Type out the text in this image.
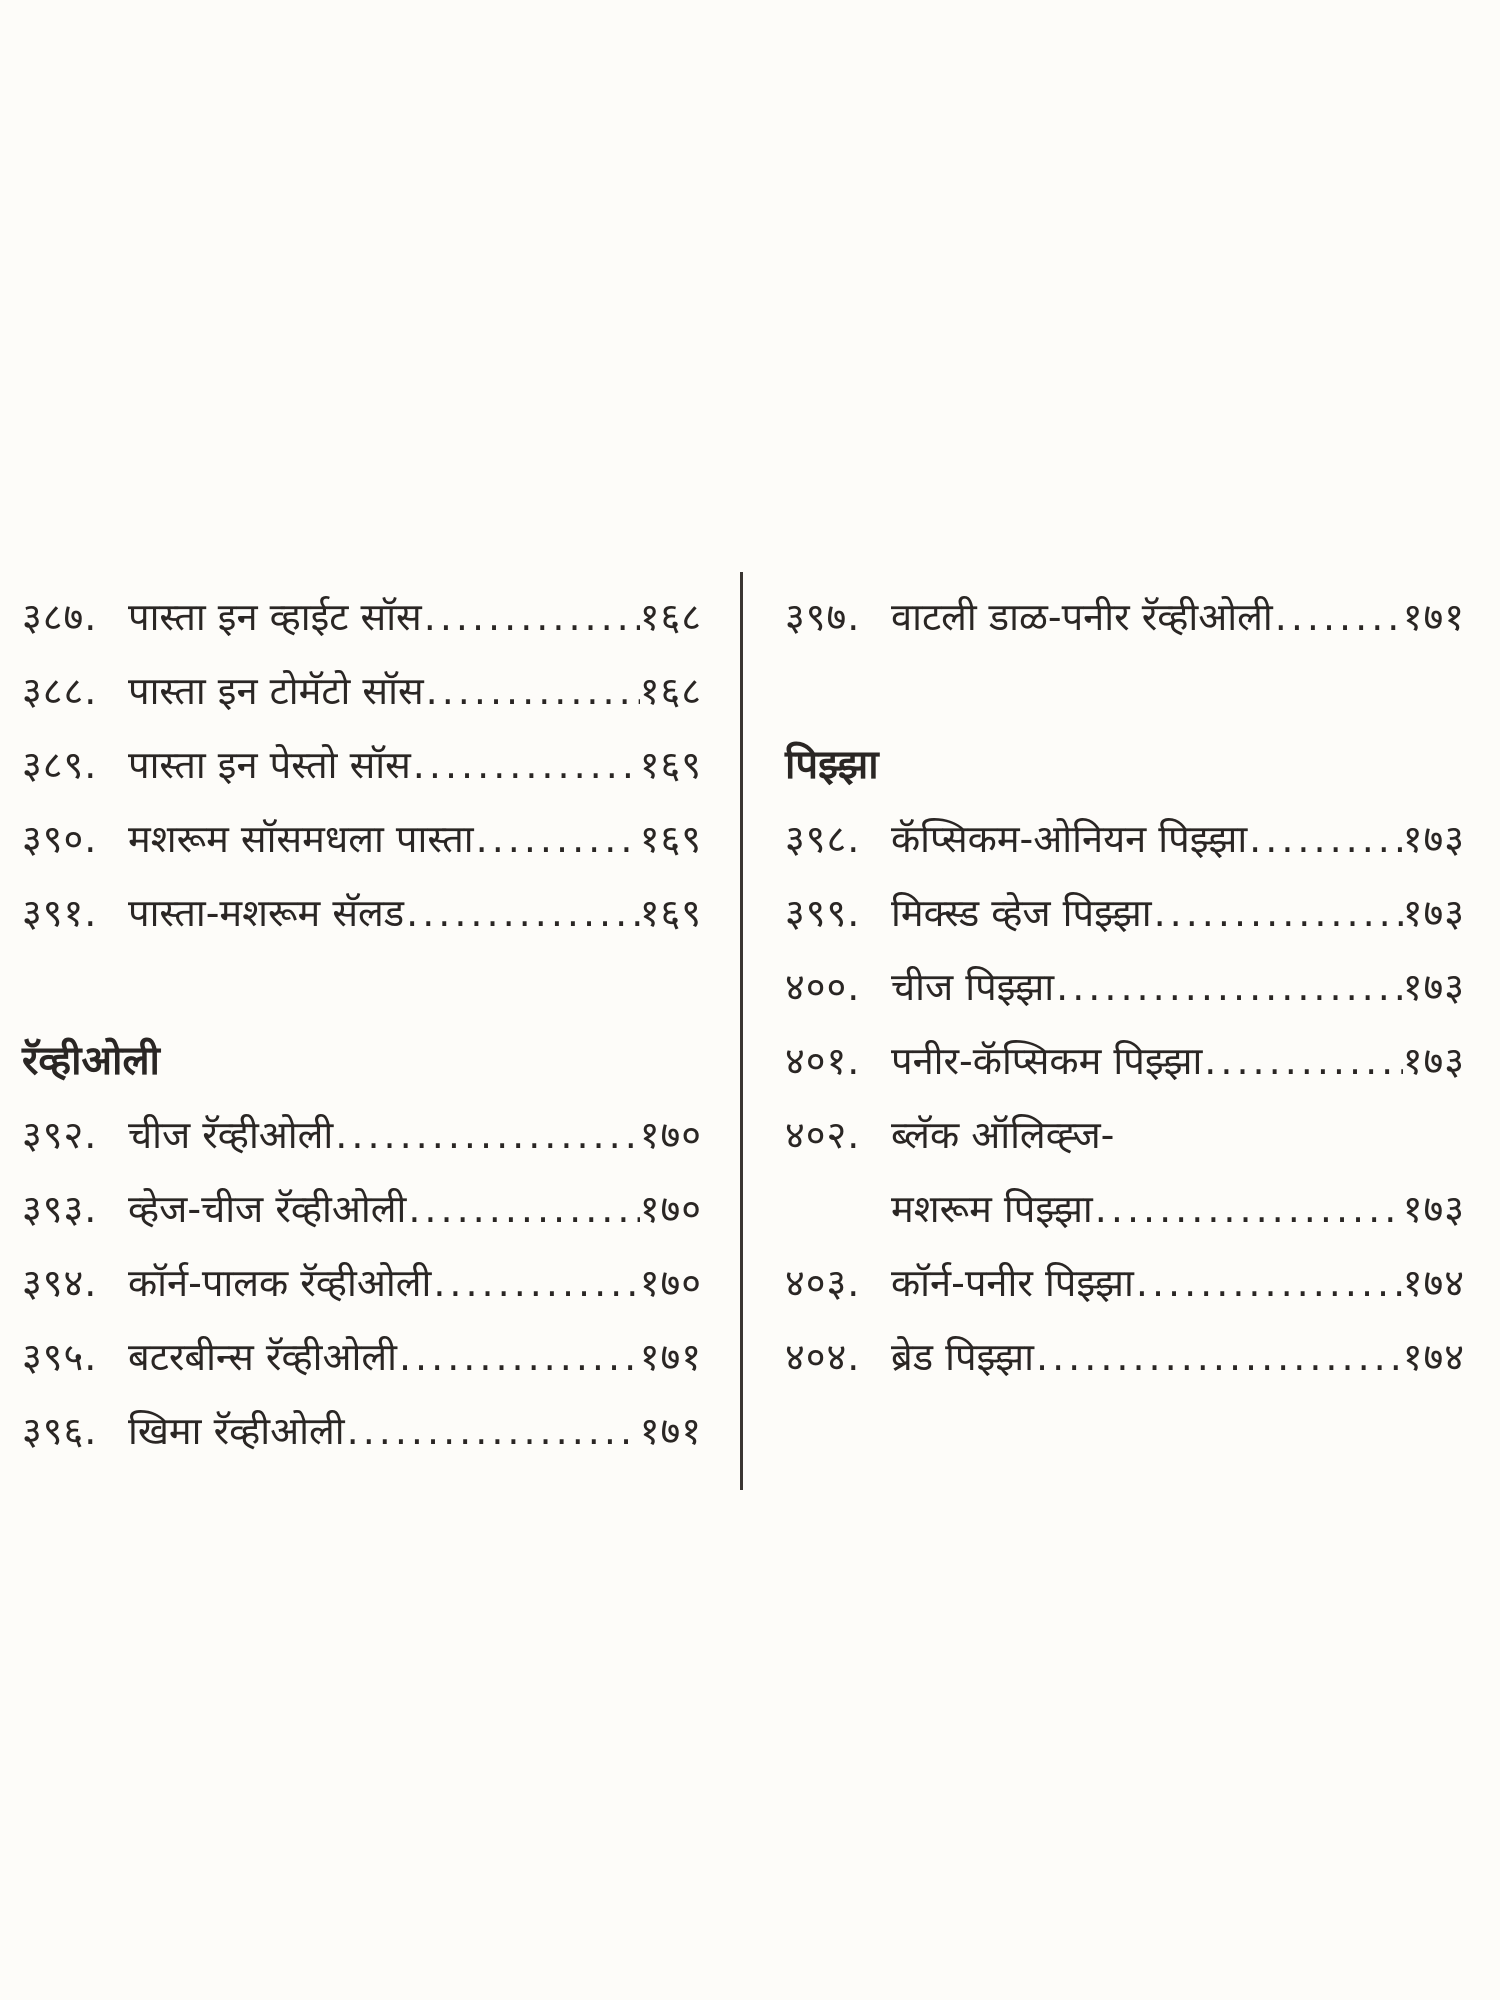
३८७. पास्ता इन व्हाईट सॉस .....	१६८
३८८. पास्ता इन टोमॅटो सॉस .....	१६८
३८९. पास्ता इन पेस्तो सॉस .....	१६९
३९०. मशरूम सॉसमधला पास्ता .....	१६९
३९१. पास्ता-मशरूम सॅलड .....	१६९
रॅव्हीओली
३९२. चीज रॅव्हीओली .....	१७०
३९३. व्हेज-चीज रॅव्हीओली .....	१७०
३९४. कॉर्न-पालक रॅव्हीओली .....	१७०
३९५. बटरबीन्स रॅव्हीओली .....	१७१
३९६. खिमा रॅव्हीओली .....	१७१
३९७. वाटली डाळ-पनीर रॅव्हीओली .....	१७१
पिझ्झा
३९८. कॅप्सिकम-ओनियन पिझ्झा .....	१७३
३९९. मिक्स्ड व्हेज पिझ्झा .....	१७३
४००. चीज पिझ्झा .....	१७३
४०१. पनीर-कॅप्सिकम पिझ्झा .....	१७३
४०२. ब्लॅक ऑलिव्ह्ज-
मशरूम पिझ्झा .....	१७३
४०३. कॉर्न-पनीर पिझ्झा .....	१७४
४०४. ब्रेड पिझ्झा .....	१७४
